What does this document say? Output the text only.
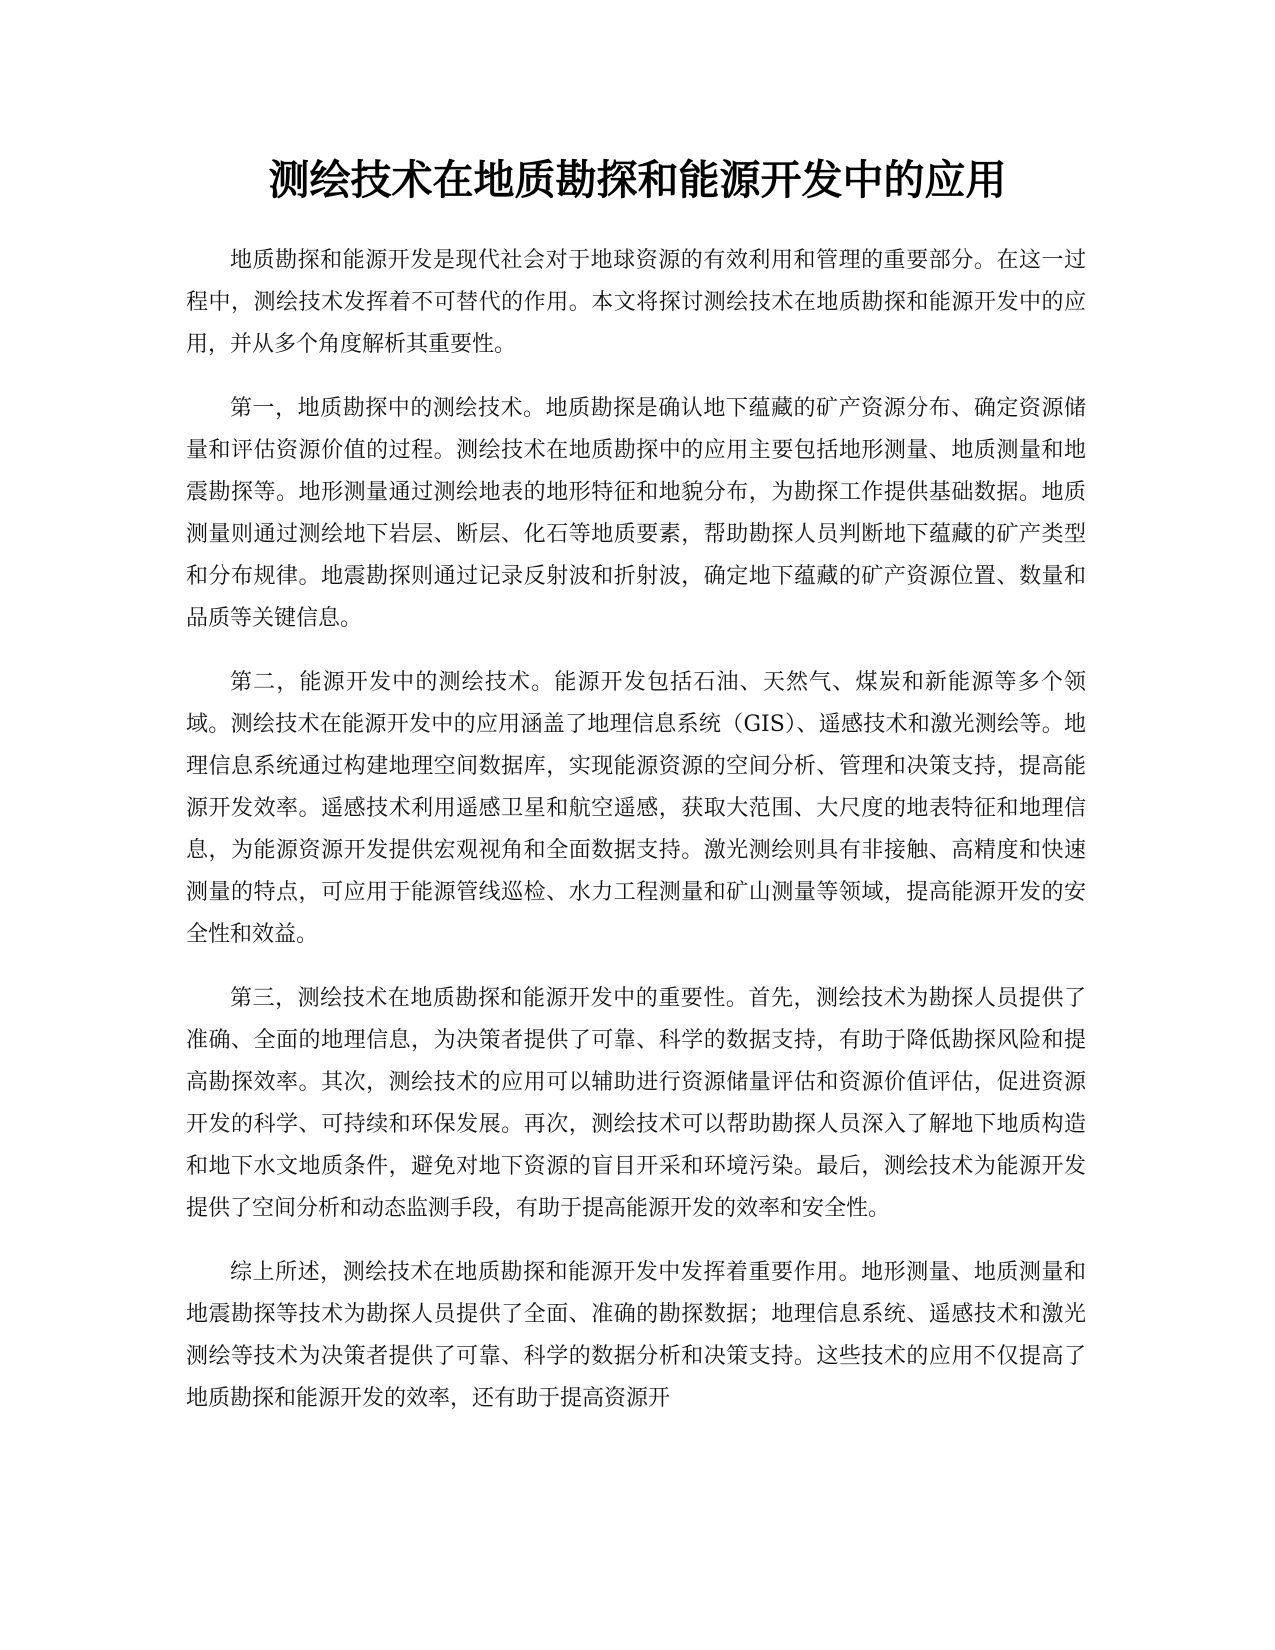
测绘技术在地质勘探和能源开发中的应用

地质勘探和能源开发是现代社会对于地球资源的有效利用和管理的重要部分。在这一过程中，测绘技术发挥着不可替代的作用。本文将探讨测绘技术在地质勘探和能源开发中的应用，并从多个角度解析其重要性。

第一，地质勘探中的测绘技术。地质勘探是确认地下蕴藏的矿产资源分布、确定资源储量和评估资源价值的过程。测绘技术在地质勘探中的应用主要包括地形测量、地质测量和地震勘探等。地形测量通过测绘地表的地形特征和地貌分布，为勘探工作提供基础数据。地质测量则通过测绘地下岩层、断层、化石等地质要素，帮助勘探人员判断地下蕴藏的矿产类型和分布规律。地震勘探则通过记录反射波和折射波，确定地下蕴藏的矿产资源位置、数量和品质等关键信息。

第二，能源开发中的测绘技术。能源开发包括石油、天然气、煤炭和新能源等多个领域。测绘技术在能源开发中的应用涵盖了地理信息系统（GIS）、遥感技术和激光测绘等。地理信息系统通过构建地理空间数据库，实现能源资源的空间分析、管理和决策支持，提高能源开发效率。遥感技术利用遥感卫星和航空遥感，获取大范围、大尺度的地表特征和地理信息，为能源资源开发提供宏观视角和全面数据支持。激光测绘则具有非接触、高精度和快速测量的特点，可应用于能源管线巡检、水力工程测量和矿山测量等领域，提高能源开发的安全性和效益。

第三，测绘技术在地质勘探和能源开发中的重要性。首先，测绘技术为勘探人员提供了准确、全面的地理信息，为决策者提供了可靠、科学的数据支持，有助于降低勘探风险和提高勘探效率。其次，测绘技术的应用可以辅助进行资源储量评估和资源价值评估，促进资源开发的科学、可持续和环保发展。再次，测绘技术可以帮助勘探人员深入了解地下地质构造和地下水文地质条件，避免对地下资源的盲目开采和环境污染。最后，测绘技术为能源开发提供了空间分析和动态监测手段，有助于提高能源开发的效率和安全性。

综上所述，测绘技术在地质勘探和能源开发中发挥着重要作用。地形测量、地质测量和地震勘探等技术为勘探人员提供了全面、准确的勘探数据；地理信息系统、遥感技术和激光测绘等技术为决策者提供了可靠、科学的数据分析和决策支持。这些技术的应用不仅提高了地质勘探和能源开发的效率，还有助于提高资源开
